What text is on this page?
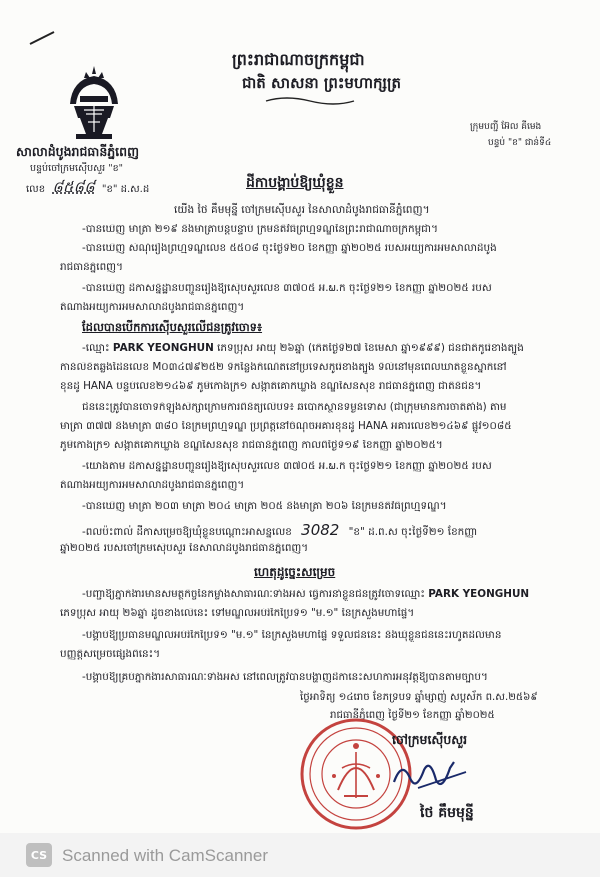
ព្រះរាជាណាចក្រកម្ពុជា
ជាតិ សាសនា ព្រះមហាក្សត្រ
សាលាដំបូងរាជធានីភ្នំពេញ
បន្ទប់ចៅក្រមស៊ើបសួរ "ខ"
លេខ ៨៥៨៨ "ខ" ដ.ស.ដ
ក្រុមបញ្ជី អ៊ែល គីមេង
បន្ទប់ "ខ" ជាន់ទី៤
ដីកាបង្គាប់ឱ្យឃុំខ្លួន
យើង ថៃ គឹមមុន្នី ចៅក្រមស៊ើបសួរ នៃសាលាដំបូងរាជធានីភ្នំពេញ។
-បានឃើញ មាត្រា ២១៩ និងមាត្រាបន្តបន្ទាប់ ក្រមនីតិវិធីព្រហ្មទណ្ឌនៃព្រះរាជាណាចក្រកម្ពុជា។
-បានឃើញ សំណុំរឿងព្រហ្មទណ្ឌលេខ ៥៥០៨ ចុះថ្ងៃទី២០ ខែកញ្ញា ឆ្នាំ២០២៥ របស់អយ្យការអមសាលាដំបូង
រាជធានីភ្នំពេញ។
-បានឃើញ ដីកាសន្និដ្ឋានបញ្ជូនរឿងឱ្យស៊ើបសួរលេខ ៣៧០៥ អ.ພ.ក ចុះថ្ងៃទី២១ ខែកញ្ញា ឆ្នាំ២០២៥ របស់
តំណាងអយ្យការអមសាលាដំបូងរាជធានីភ្នំពេញ។
ដែលបានបើកការស៊ើបសួរលើជនត្រូវចោទ៖
-ឈ្មោះ PARK YEONGHUN ភេទប្រុស អាយុ ២៦ឆ្នាំ (កើតថ្ងៃទី២៧ ខែមេសា ឆ្នាំ១៩៩៩) ជនជាតិកូរ៉េខាងត្បូង
កាន់លិខិតឆ្លងដែនលេខ M០៣៤៧៩២៥២ ទីកន្លែងកំណើតនៅប្រទេសកូរ៉េខាងត្បូង ទីលំនៅមុនពេលឃាត់ខ្លួនស្នាក់នៅ
ខុនដូ HANA បន្ទប់លេខ២១៤៦៩ ភូមិកោងក្រ១ សង្កាត់គោកឃ្លាង ខណ្ឌសែនសុខ រាជធានីភ្នំពេញ ជាតិនីជន។
ជននេះត្រូវបានចោទកំឡុងសិក្សាក្រោមការពិនិត្យលើបទ៖ ឆបោកស្ថានទម្ងន់ទោស (ជាក្រុមមានការចាត់តាំង) តាម
មាត្រា ៣៧៧ និងមាត្រា ៣៨០ នៃក្រមព្រហ្មទណ្ឌ ប្រព្រឹត្តនៅចំណុចអគារខុនដូ HANA អគារលេខ២១៤៦៩ ផ្លូវ១០៨៥
ភូមិកោងក្រ១ សង្កាត់គោកឃ្លាង ខណ្ឌសែនសុខ រាជធានីភ្នំពេញ កាលពីថ្ងៃទី១៩ ខែកញ្ញា ឆ្នាំ២០២៥។
-យោងតាម ដីកាសន្និដ្ឋានបញ្ជូនរឿងឱ្យស៊ើបសួរលេខ ៣៧០៥ អ.ພ.ក ចុះថ្ងៃទី២១ ខែកញ្ញា ឆ្នាំ២០២៥ របស់
តំណាងអយ្យការអមសាលាដំបូងរាជធានីភ្នំពេញ។
-បានឃើញ មាត្រា ២០៣ មាត្រា ២០៤ មាត្រា ២០៥ និងមាត្រា ២០៦ នៃក្រមនីតិវិធីព្រហ្មទណ្ឌ។
-ពលប៉ះពាល់ ដីកាសម្រេចឱ្យឃុំខ្លួនបណ្តោះអាសន្នលេខ 3082 "ខ" ដ.ព.ស ចុះថ្ងៃទី២១ ខែកញ្ញា
ឆ្នាំ២០២៥ របស់ចៅក្រមស៊ើបសួរ នៃសាលាដំបូងរាជធានីភ្នំពេញ។
ហេតុដូច្នេះសម្រេច
-បញ្ជាឱ្យភ្នាក់ងារមានសមត្ថកិច្ចនៃកម្លាំងសាធារណៈទាំងអស់ ធ្វើការនាំខ្លួនជនត្រូវចោទឈ្មោះ PARK YEONGHUN
ភេទប្រុស អាយុ ២៦ឆ្នាំ ដូចខាងលើនេះ ទៅមណ្ឌលអប់រំកែប្រែទី១ "ម.១" នៃក្រសួងមហាផ្ទៃ។
-បង្គាប់ឱ្យប្រធានមណ្ឌលអប់រំកែប្រែទី១ "ម.១" នៃក្រសួងមហាផ្ទៃ ទទួលជននេះ និងឃុំខ្លួនជននេះរហូតដល់មាន
បញ្ញត្តិសម្រេចផ្សេងពីនេះ។
-បង្គាប់ឱ្យគ្រប់ភ្នាក់ងារសាធារណៈទាំងអស់ នៅពេលត្រូវបានបង្ហាញដីកានេះសហការអនុវត្តឱ្យបានតាមច្បាប់។
ថ្ងៃអាទិត្យ ១៤រោច ខែភទ្របទ ឆ្នាំម្សាញ់ សប្តស័ក ព.ស.២៥៦៩
រាជធានីភ្នំពេញ ថ្ងៃទី២១ ខែកញ្ញា ឆ្នាំ២០២៥
ចៅក្រមស៊ើបសួរ
ថៃ គឹមមុន្នី
CS Scanned with CamScanner
